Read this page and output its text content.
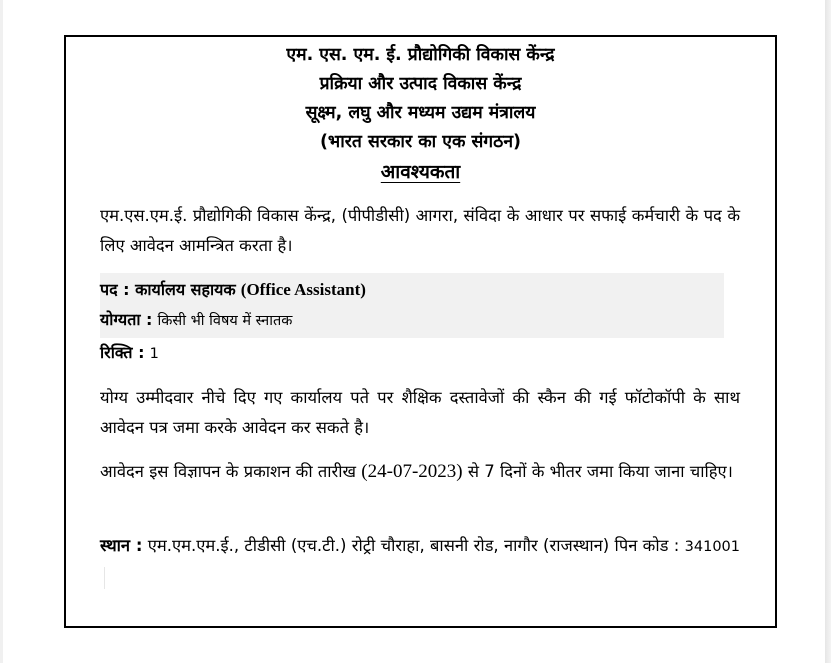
एम. एस. एम. ई. प्रौद्योगिकी विकास केंन्द्र
प्रक्रिया और उत्पाद विकास केंन्द्र
सूक्ष्म, लघु और मध्यम उद्यम मंत्रालय
(भारत सरकार का एक संगठन)
आवश्यकता
एम.एस.एम.ई. प्रौद्योगिकी विकास केंन्द्र, (पीपीडीसी) आगरा, संविदा के आधार पर सफाई कर्मचारी के पद के लिए आवेदन आमन्त्रित करता है।
पद : कार्यालय सहायक (Office Assistant)
योग्यता : किसी भी विषय में स्नातक
रिक्ति : 1
योग्य उम्मीदवार नीचे दिए गए कार्यालय पते पर शैक्षिक दस्तावेजों की स्कैन की गई फॉटोकॉपी के साथ आवेदन पत्र जमा करके आवेदन कर सकते है।
आवेदन इस विज्ञापन के प्रकाशन की तारीख (24-07-2023) से 7 दिनों के भीतर जमा किया जाना चाहिए।
स्थान : एम.एम.एम.ई., टीडीसी (एच.टी.) रोट्री चौराहा, बासनी रोड, नागौर (राजस्थान) पिन कोड : 341001
